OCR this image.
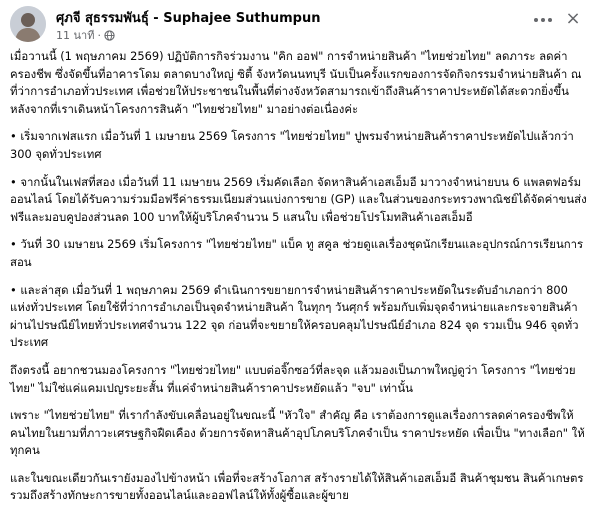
ศุภจี สุธรรมพันธุ์ - Suphajee Suthumpun
11 นาที ·
×

เมื่อวานนี้ (1 พฤษภาคม 2569) ปฏิบัติการกิจร่วมงาน "คิก ออฟ" การจำหน่ายสินค้า "ไทยช่วยไทย" ลดภาระ ลดค่าครองชีพ ซึ่งจัดขึ้นที่อาคารโดม ตลาดบางใหญ่ ซิตี้ จังหวัดนนทบุรี นับเป็นครั้งแรกของการจัดกิจกรรมจำหน่ายสินค้า ณ ที่ว่าการอำเภอทั่วประเทศ เพื่อช่วยให้ประชาชนในพื้นที่ต่างจังหวัดสามารถเข้าถึงสินค้าราคาประหยัดได้สะดวกยิ่งขึ้น หลังจากที่เราเดินหน้าโครงการสินค้า "ไทยช่วยไทย" มาอย่างต่อเนื่องค่ะ

• เริ่มจากเฟสแรก เมื่อวันที่ 1 เมษายน 2569 โครงการ "ไทยช่วยไทย" ปูพรมจำหน่ายสินค้าราคาประหยัดไปแล้วกว่า 300 จุดทั่วประเทศ

• จากนั้นในเฟสที่สอง เมื่อวันที่ 11 เมษายน 2569 เริ่มคัดเลือก จัดหาสินค้าเอสเอ็มอี มาวางจำหน่ายบน 6 แพลตฟอร์มออนไลน์ โดยได้รับความร่วมมือฟรีค่าธรรมเนียมส่วนแบ่งการขาย (GP) และในส่วนของกระทรวงพาณิชย์ได้จัดค่าขนส่งฟรีและมอบคูปองส่วนลด 100 บาทให้ผู้บริโภคจำนวน 5 แสนใบ เพื่อช่วยโปรโมทสินค้าเอสเอ็มอี

• วันที่ 30 เมษายน 2569 เริ่มโครงการ "ไทยช่วยไทย" แบ็ค ทู สคูล ช่วยดูแลเรื่องชุดนักเรียนและอุปกรณ์การเรียนการสอน

• และล่าสุด เมื่อวันที่ 1 พฤษภาคม 2569 ดำเนินการขยายการจำหน่ายสินค้าราคาประหยัดในระดับอำเภอกว่า 800 แห่งทั่วประเทศ โดยใช้ที่ว่าการอำเภอเป็นจุดจำหน่ายสินค้า ในทุกๆ วันศุกร์ พร้อมกับเพิ่มจุดจำหน่ายและกระจายสินค้าผ่านไปรษณีย์ไทยทั่วประเทศจำนวน 122 จุด ก่อนที่จะขยายให้ครอบคลุมไปรษณีย์อำเภอ 824 จุด รวมเป็น 946 จุดทั่วประเทศ

ถึงตรงนี้ อยากชวนมองโครงการ "ไทยช่วยไทย" แบบต่อจิ๊กซอว์ที่ละจุด แล้วมองเป็นภาพใหญ่ดูว่า โครงการ "ไทยช่วยไทย" ไม่ใช่แค่แคมเปญระยะสั้น ที่แค่จำหน่ายสินค้าราคาประหยัดแล้ว "จบ" เท่านั้น

เพราะ "ไทยช่วยไทย" ที่เรากำลังขับเคลื่อนอยู่ในขณะนี้ "หัวใจ" สำคัญ คือ เราต้องการดูแลเรื่องการลดค่าครองชีพให้คนไทยในยามที่ภาวะเศรษฐกิจฝืดเคือง ด้วยการจัดหาสินค้าอุปโภคบริโภคจำเป็น ราคาประหยัด เพื่อเป็น "ทางเลือก" ให้ทุกคน

และในขณะเดียวกันเรายังมองไปข้างหน้า เพื่อที่จะสร้างโอกาส สร้างรายได้ให้สินค้าเอสเอ็มอี สินค้าชุมชน สินค้าเกษตร รวมถึงสร้างทักษะการขายทั้งออนไลน์และออฟไลน์ให้ทั้งผู้ซื้อและผู้ขาย
